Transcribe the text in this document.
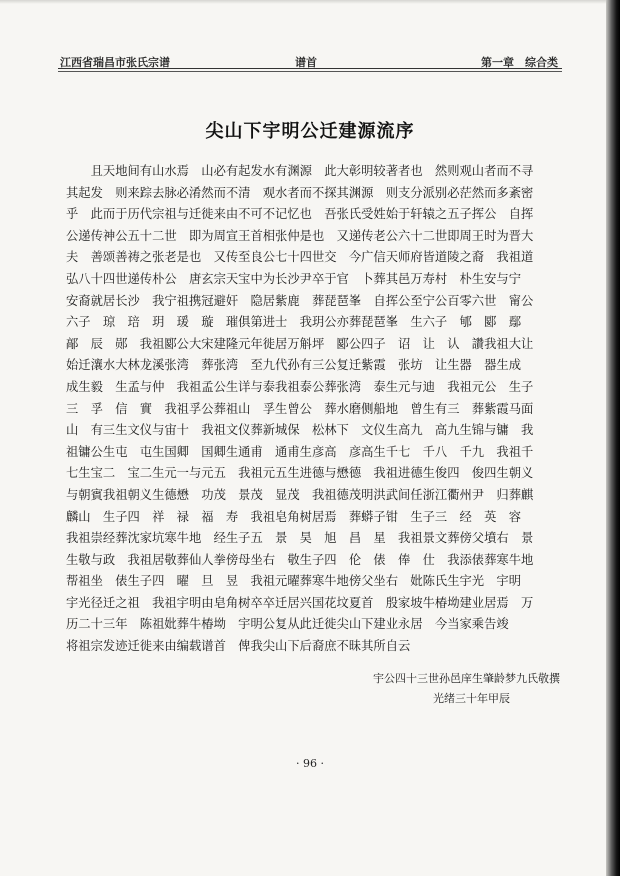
江西省瑞昌市张氏宗谱	谱首	第一章　综合类
尖山下宇明公迁建源流序
　　且天地间有山水焉　山必有起发水有渊源　此大彰明较著者也　然则观山者而不寻
其起发　则来踪去脉必淆然而不清　观水者而不探其渊源　则支分派别必茫然而多紊密
乎　此而于历代宗祖与迁徙来由不可不记忆也　吾张氏受姓始于轩辕之五子挥公　自挥
公递传神公五十二世　即为周宣王首相张仲是也　又递传老公六十二世即周王时为晋大
夫　善颂善祷之张老是也　又传至良公七十四世交　今广信天师府皆道陵之裔　我祖道
弘八十四世递传朴公　唐玄宗天宝中为长沙尹卒于官　卜葬其邑万寿村　朴生安与宁
安裔就居长沙　我宁祖携冠避奸　隐居紫鹿　葬琵琶峯　自挥公至宁公百零六世　甯公
六子　琼　琣　玥　瑗　璇　璀俱第进士　我玥公亦葬琵琶峯　生六子　郇　郾　鄢
鄗　辰　郧　我祖郾公大宋建隆元年徙居万斛坪　郾公四子　诏　让　认　讚我祖大让
始迁瀼水大林龙溪张湾　葬张湾　至九代孙有三公复迁紫霞　张坊　让生器　器生成
成生毅　生孟与仲　我祖孟公生详与泰我祖泰公葬张湾　泰生元与迪　我祖元公　生子
三　孚　信　實　我祖孚公葬祖山　孚生曾公　葬水磨侧船地　曾生有三　葬紫霞马面
山　有三生文仪与宙十　我祖文仪葬新城保　松林下　文仪生高九　高九生锦与镛　我
祖镛公生屯　屯生国卿　国卿生通甫　通甫生彦高　彦高生千七　千八　千九　我祖千
七生宝二　宝二生元一与元五　我祖元五生进德与懋德　我祖进德生俊四　俊四生朝义
与朝賓我祖朝义生德懋　功茂　景茂　显茂　我祖德茂明洪武间任浙江衢州尹　归葬麒
麟山　生子四　祥　禄　福　寿　我祖皂角树居焉　葬蟒子钳　生子三　经　英　容
我祖崇经葬沈家坑寒牛地　经生子五　景　昊　旭　昌　星　我祖景文葬傍父墳右　景
生敬与政　我祖居敬葬仙人拳傍母坐右　敬生子四　伦　俵　俸　仕　我添俵葬寒牛地
帮祖坐　俵生子四　曜　旦　昱　我祖元曜葬寒牛地傍父坐右　妣陈氏生宇光　宇明
宇光径迁之祖　我祖宇明由皂角树卒卒迁居兴国花坟夏首　殷家坡牛椿坳建业居焉　万
历二十三年　陈祖妣葬牛椿坳　宇明公复从此迁徙尖山下建业永居　今当家乘告竣
将祖宗发迹迁徙来由编载谱首　俾我尖山下后裔庶不昧其所自云
宇公四十三世孙邑庠生肇龄梦九氏敬撰
光绪三十年甲辰
· 96 ·
